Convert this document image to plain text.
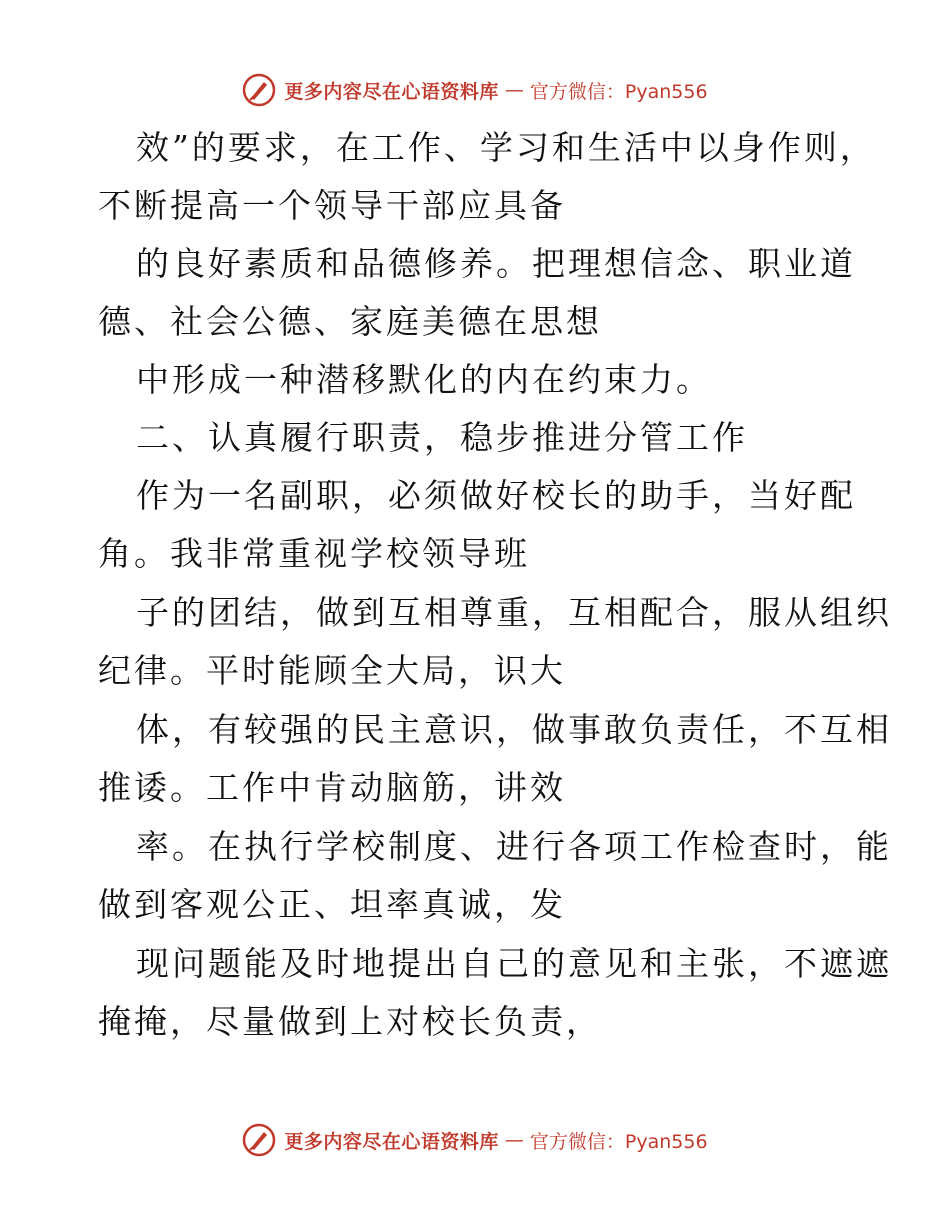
更多内容尽在心语资料库 — 官方微信：Pyan556
效”的要求，在工作、学习和生活中以身作则，
不断提高一个领导干部应具备
的良好素质和品德修养。把理想信念、职业道
德、社会公德、家庭美德在思想
中形成一种潜移默化的内在约束力。
二、认真履行职责，稳步推进分管工作
作为一名副职，必须做好校长的助手，当好配
角。我非常重视学校领导班
子的团结，做到互相尊重，互相配合，服从组织
纪律。平时能顾全大局，识大
体，有较强的民主意识，做事敢负责任，不互相
推诿。工作中肯动脑筋，讲效
率。在执行学校制度、进行各项工作检查时，能
做到客观公正、坦率真诚，发
现问题能及时地提出自己的意见和主张，不遮遮
掩掩，尽量做到上对校长负责，
更多内容尽在心语资料库 — 官方微信：Pyan556
